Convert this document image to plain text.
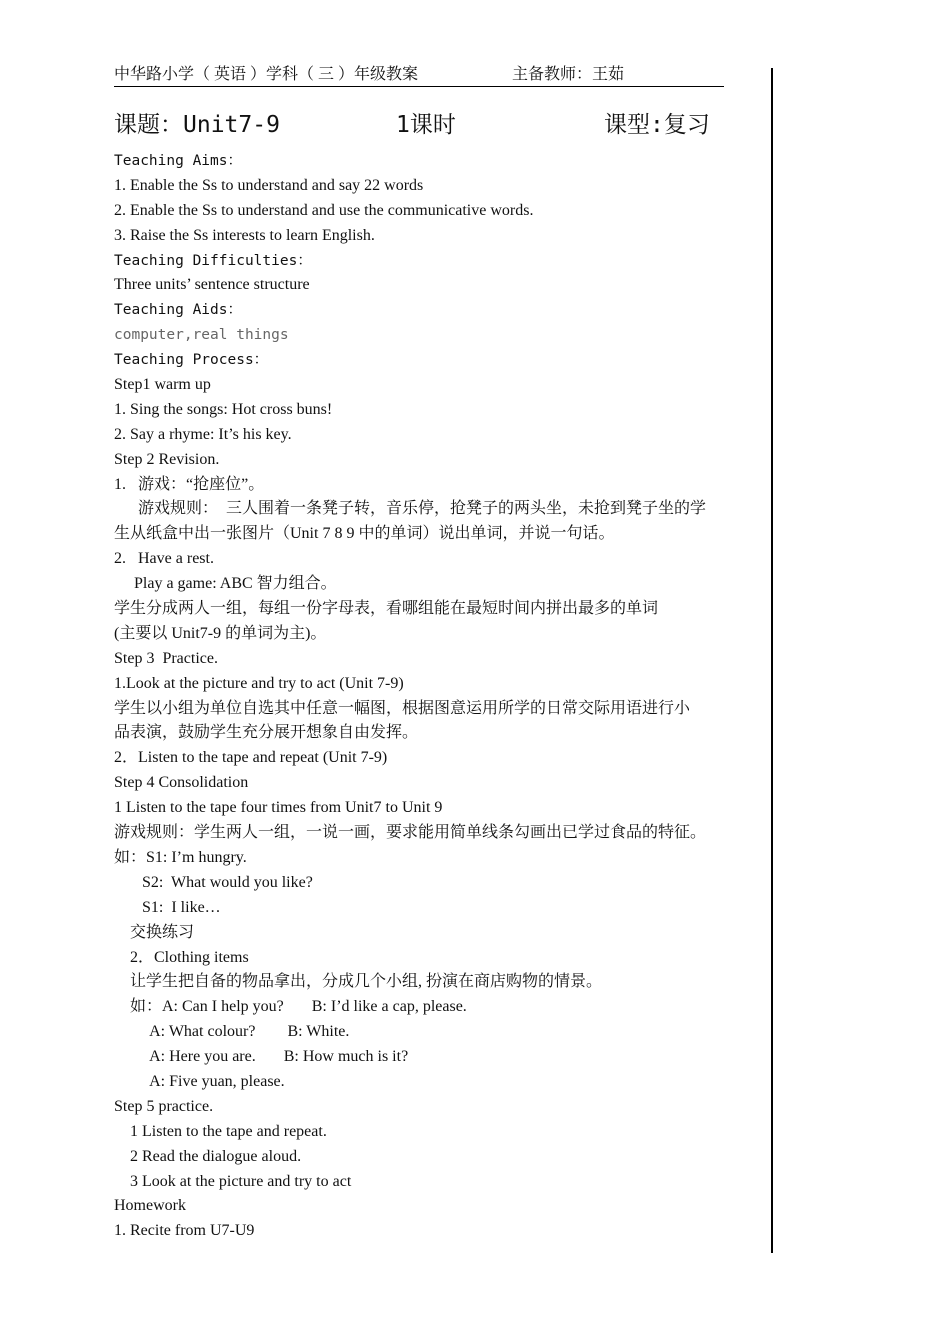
中华路小学（ 英语 ）学科（ 三 ）年级教案	主备教师：王茹
课题：Unit7-9	1课时	课型:复习
Teaching Aims：
1. Enable the Ss to understand and say 22 words
2. Enable the Ss to understand and use the communicative words.
3. Raise the Ss interests to learn English.
Teaching Difficulties：
Three units’ sentence structure
Teaching Aids：
computer,real things
Teaching Process：
Step1 warm up
1. Sing the songs: Hot cross buns!
2. Say a rhyme: It’s his key.
Step 2 Revision.
1.   游戏：“抢座位”。
游戏规则：  三人围着一条凳子转，音乐停，抢凳子的两头坐，未抢到凳子坐的学
生从纸盒中出一张图片（Unit 7 8 9 中的单词）说出单词，并说一句话。
2.   Have a rest.
Play a game: ABC 智力组合。
学生分成两人一组，每组一份字母表，看哪组能在最短时间内拼出最多的单词
(主要以 Unit7-9 的单词为主)。
Step 3  Practice.
1.Look at the picture and try to act (Unit 7-9)
学生以小组为单位自选其中任意一幅图，根据图意运用所学的日常交际用语进行小
品表演，鼓励学生充分展开想象自由发挥。
2．Listen to the tape and repeat (Unit 7-9)
Step 4 Consolidation
1 Listen to the tape four times from Unit7 to Unit 9
游戏规则：学生两人一组，一说一画，要求能用简单线条勾画出已学过食品的特征。
如：S1: I’m hungry.
S2:  What would you like?
S1:  I like…
交换练习
2．Clothing items
让学生把自备的物品拿出，分成几个小组, 扮演在商店购物的情景。
如：A: Can I help you?       B: I’d like a cap, please.
A: What colour?        B: White.
A: Here you are.       B: How much is it?
A: Five yuan, please.
Step 5 practice.
1 Listen to the tape and repeat.
2 Read the dialogue aloud.
3 Look at the picture and try to act
Homework
1. Recite from U7-U9
